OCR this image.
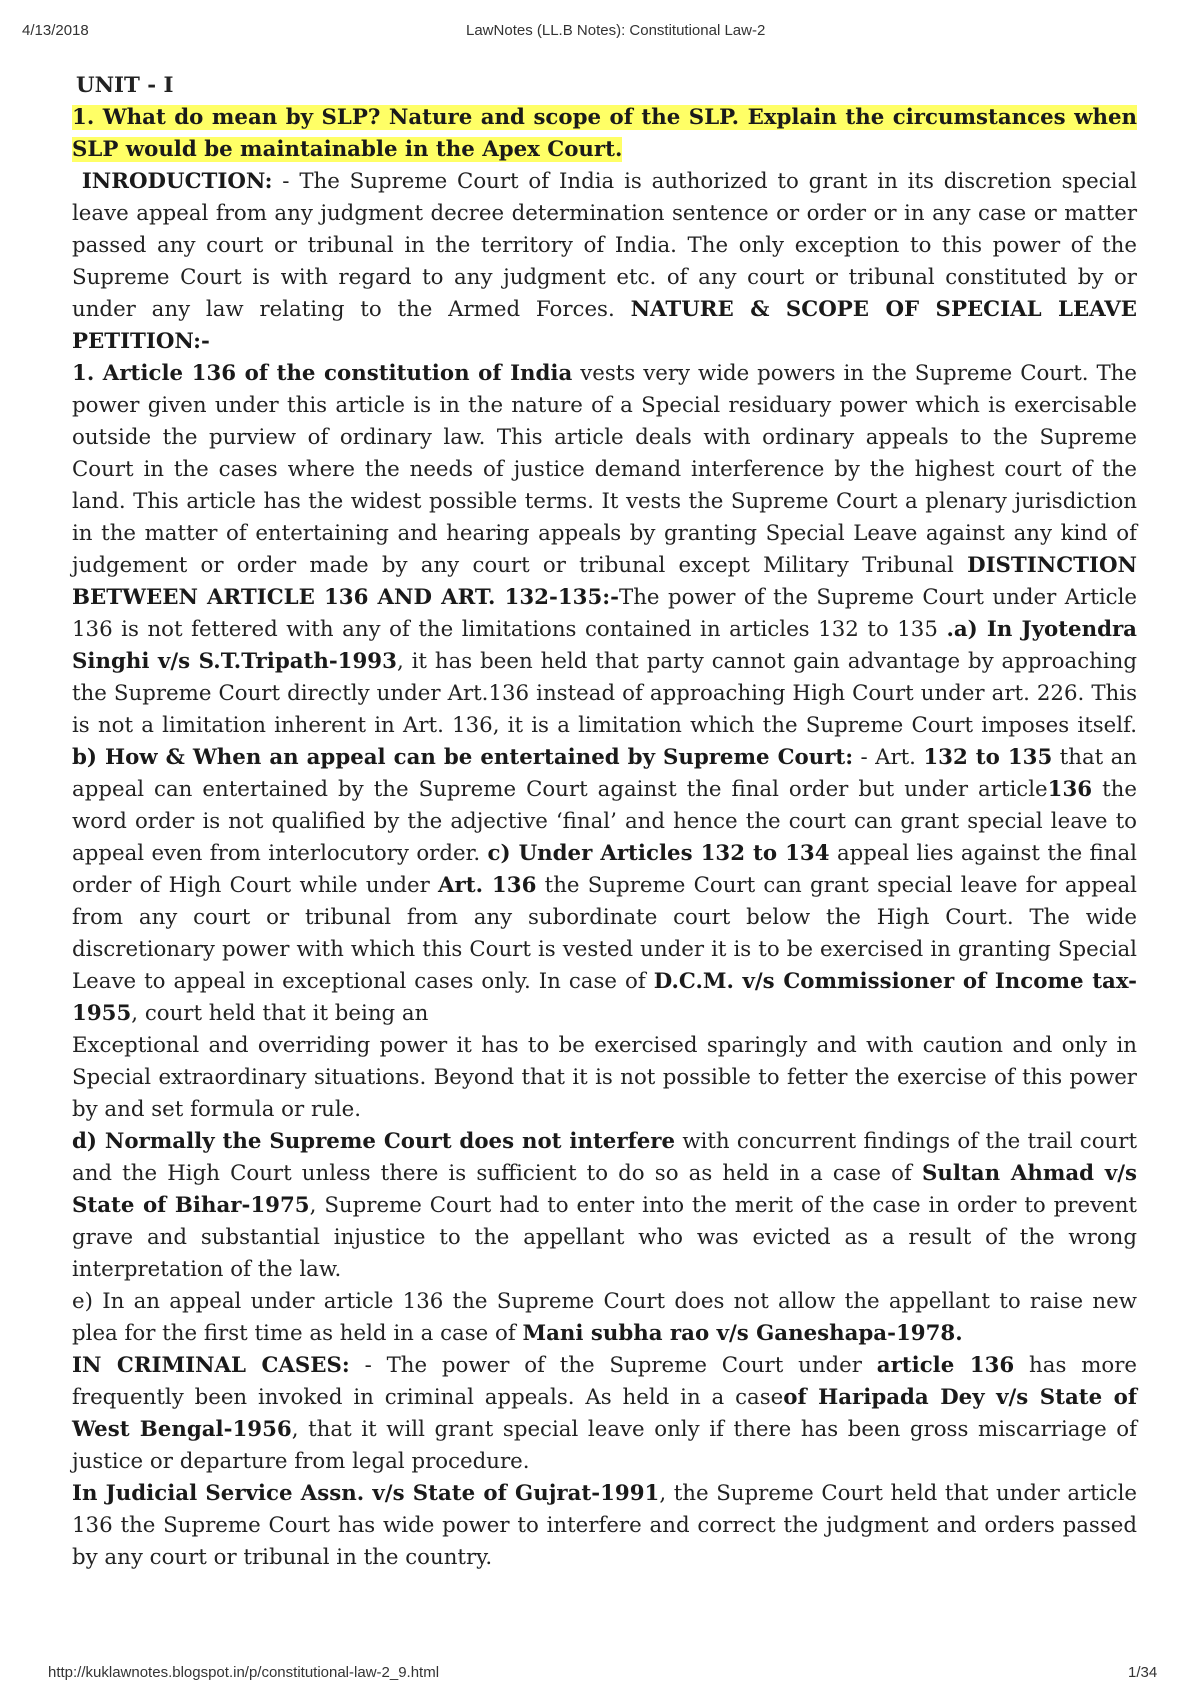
4/13/2018	LawNotes (LL.B Notes): Constitutional Law-2

UNIT - I

1. What do mean by SLP? Nature and scope of the SLP. Explain the circumstances when SLP would be maintainable in the Apex Court.

INRODUCTION: - The Supreme Court of India is authorized to grant in its discretion special leave appeal from any judgment decree determination sentence or order or in any case or matter passed any court or tribunal in the territory of India. The only exception to this power of the Supreme Court is with regard to any judgment etc. of any court or tribunal constituted by or under any law relating to the Armed Forces. NATURE & SCOPE OF SPECIAL LEAVE PETITION:-

1. Article 136 of the constitution of India vests very wide powers in the Supreme Court. The power given under this article is in the nature of a Special residuary power which is exercisable outside the purview of ordinary law. This article deals with ordinary appeals to the Supreme Court in the cases where the needs of justice demand interference by the highest court of the land. This article has the widest possible terms. It vests the Supreme Court a plenary jurisdiction in the matter of entertaining and hearing appeals by granting Special Leave against any kind of judgement or order made by any court or tribunal except Military Tribunal DISTINCTION BETWEEN ARTICLE 136 AND ART. 132-135:-The power of the Supreme Court under Article 136 is not fettered with any of the limitations contained in articles 132 to 135 .a) In Jyotendra Singhi v/s S.T.Tripath-1993, it has been held that party cannot gain advantage by approaching the Supreme Court directly under Art.136 instead of approaching High Court under art. 226. This is not a limitation inherent in Art. 136, it is a limitation which the Supreme Court imposes itself. b) How & When an appeal can be entertained by Supreme Court: - Art. 132 to 135 that an appeal can entertained by the Supreme Court against the final order but under article136 the word order is not qualified by the adjective ‘final’ and hence the court can grant special leave to appeal even from interlocutory order. c) Under Articles 132 to 134 appeal lies against the final order of High Court while under Art. 136 the Supreme Court can grant special leave for appeal from any court or tribunal from any subordinate court below the High Court. The wide discretionary power with which this Court is vested under it is to be exercised in granting Special Leave to appeal in exceptional cases only. In case of D.C.M. v/s Commissioner of Income tax-1955, court held that it being an

Exceptional and overriding power it has to be exercised sparingly and with caution and only in Special extraordinary situations. Beyond that it is not possible to fetter the exercise of this power by and set formula or rule.

d) Normally the Supreme Court does not interfere with concurrent findings of the trail court and the High Court unless there is sufficient to do so as held in a case of Sultan Ahmad v/s State of Bihar-1975, Supreme Court had to enter into the merit of the case in order to prevent grave and substantial injustice to the appellant who was evicted as a result of the wrong interpretation of the law.

e) In an appeal under article 136 the Supreme Court does not allow the appellant to raise new plea for the first time as held in a case of Mani subha rao v/s Ganeshapa-1978.

IN CRIMINAL CASES: - The power of the Supreme Court under article 136 has more frequently been invoked in criminal appeals. As held in a caseof Haripada Dey v/s State of West Bengal-1956, that it will grant special leave only if there has been gross miscarriage of justice or departure from legal procedure.

In Judicial Service Assn. v/s State of Gujrat-1991, the Supreme Court held that under article 136 the Supreme Court has wide power to interfere and correct the judgment and orders passed by any court or tribunal in the country.

http://kuklawnotes.blogspot.in/p/constitutional-law-2_9.html	1/34
